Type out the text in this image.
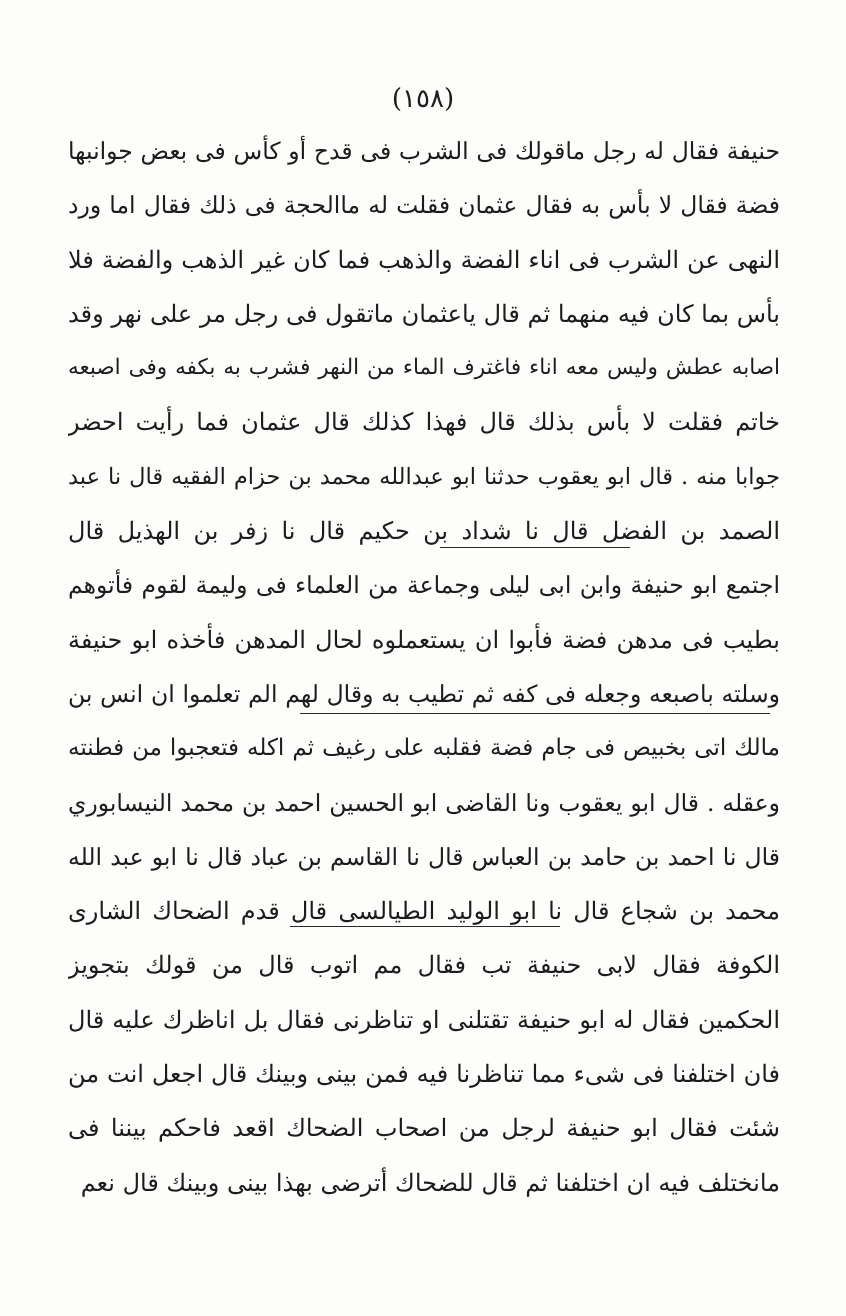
(١٥٨)
حنيفة فقال له رجل ماقولك فى الشرب فى قدح أو كأس فى بعض جوانبها
فضة فقال لا بأس به فقال عثمان فقلت له ماالحجة فى ذلك فقال اما ورد
النهى عن الشرب فى اناء الفضة والذهب فما كان غير الذهب والفضة فلا
بأس بما كان فيه منهما ثم قال ياعثمان ماتقول فى رجل مر على نهر وقد
اصابه عطش وليس معه اناء فاغترف الماء من النهر فشرب به بكفه وفى اصبعه
خاتم فقلت لا بأس بذلك قال فهذا كذلك قال عثمان فما رأيت احضر
جوابا منه . قال ابو يعقوب حدثنا ابو عبدالله محمد بن حزام الفقيه قال نا عبد
الصمد بن الفضل قال نا شداد بن حكيم قال نا زفر بن الهذيل قال
اجتمع ابو حنيفة وابن ابى ليلى وجماعة من العلماء فى وليمة لقوم فأتوهم
بطيب فى مدهن فضة فأبوا ان يستعملوه لحال المدهن فأخذه ابو حنيفة
وسلته باصبعه وجعله فى كفه ثم تطيب به وقال لهم الم تعلموا ان انس بن
مالك اتى بخبيص فى جام فضة فقلبه على رغيف ثم اكله فتعجبوا من فطنته
وعقله . قال ابو يعقوب ونا القاضى ابو الحسين احمد بن محمد النيسابوري
قال نا احمد بن حامد بن العباس قال نا القاسم بن عباد قال نا ابو عبد الله
محمد بن شجاع قال نا ابو الوليد الطيالسى قال قدم الضحاك الشارى
الكوفة فقال لابى حنيفة تب فقال مم اتوب قال من قولك بتجويز
الحكمين فقال له ابو حنيفة تقتلنى او تناظرنى فقال بل اناظرك عليه قال
فان اختلفنا فى شىء مما تناظرنا فيه فمن بينى وبينك قال اجعل انت من
شئت فقال ابو حنيفة لرجل من اصحاب الضحاك اقعد فاحكم بيننا فى
مانختلف فيه ان اختلفنا ثم قال للضحاك أترضى بهذا بينى وبينك قال نعم
